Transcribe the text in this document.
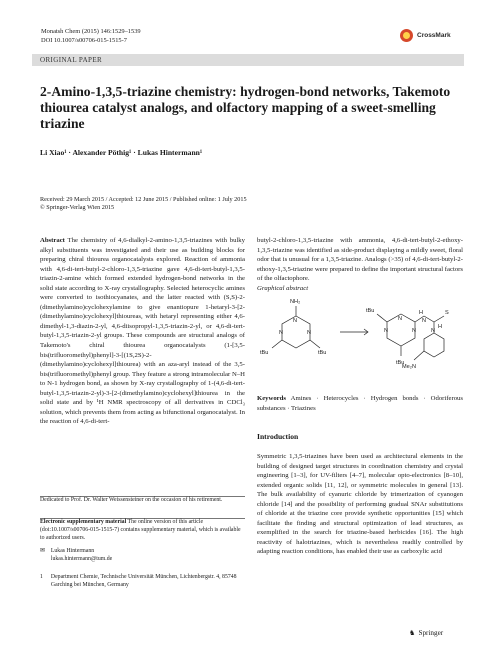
Monatsh Chem (2015) 146:1529–1539
DOI 10.1007/s00706-015-1515-7
CrossMark
ORIGINAL PAPER
2-Amino-1,3,5-triazine chemistry: hydrogen-bond networks, Takemoto thiourea catalyst analogs, and olfactory mapping of a sweet-smelling triazine
Li Xiao¹ · Alexander Pöthig¹ · Lukas Hintermann¹
Received: 29 March 2015 / Accepted: 12 June 2015 / Published online: 1 July 2015
© Springer-Verlag Wien 2015
Abstract The chemistry of 4,6-dialkyl-2-amino-1,3,5-triazines with bulky alkyl substituents was investigated and their use as building blocks for preparing chiral thiourea organocatalysts explored. Reaction of ammonia with 4,6-di-tert-butyl-2-chloro-1,3,5-triazine gave 4,6-di-tert-butyl-1,3,5-triazin-2-amine which formed extended hydrogen-bond networks in the solid state according to X-ray crystallography. Selected heterocyclic amines were converted to isothiocyanates, and the latter reacted with (S,S)-2-(dimethylamino)cyclohexylamine to give enantiopure 1-hetaryl-3-[2-(dimethylamino)cyclohexyl]thioureas, with hetaryl representing either 4,6-dimethyl-1,3-diazin-2-yl, 4,6-diisopropyl-1,3,5-triazin-2-yl, or 4,6-di-tert-butyl-1,3,5-triazin-2-yl groups. These compounds are structural analogs of Takemoto's chiral thiourea organocatalysts (1-[3,5-bis(trifluoromethyl)phenyl]-3-[(1S,2S)-2-(dimethylamino)cyclohexyl]thiourea) with an aza-aryl instead of the 3,5-bis(trifluoromethyl)phenyl group. They feature a strong intramolecular N–H to N-1 hydrogen bond, as shown by X-ray crystallography of 1-(4,6-di-tert-butyl-1,3,5-triazin-2-yl)-3-[2-(dimethylamino)cyclohexyl]thiourea in the solid state and by ¹H NMR spectroscopy of all derivatives in CDCl₃ solution, which prevents them from acting as bifunctional organocatalyst. In the reaction of 4,6-di-tert-
Dedicated to Prof. Dr. Walter Weissensteiner on the occasion of his retirement.
Electronic supplementary material The online version of this article (doi:10.1007/s00706-015-1515-7) contains supplementary material, which is available to authorized users.
✉ Lukas Hintermann
lukas.hintermann@tum.de
1 Department Chemie, Technische Universität München, Lichtenbergstr. 4, 85748 Garching bei München, Germany
butyl-2-chloro-1,3,5-triazine with ammonia, 4,6-di-tert-butyl-2-ethoxy-1,3,5-triazine was identified as side-product displaying a mildly sweet, floral odor that is unusual for a 1,3,5-triazine. Analogs (>35) of 4,6-di-tert-butyl-2-ethoxy-1,3,5-triazine were prepared to define the important structural factors of the olfactophore.
Graphical abstract
NH₂
N
N	N
tBu	tBu
tBu
N
N	N
H
N
S
N
H
tBu
Me₂N
Keywords Amines · Heterocycles · Hydrogen bonds · Odoriferous substances · Triazines
Introduction
Symmetric 1,3,5-triazines have been used as architectural elements in the building of designed target structures in coordination chemistry and crystal engineering [1–3], for UV-filters [4–7], molecular opto-electronics [8–10], extended organic solids [11, 12], or symmetric molecules in general [13]. The bulk availability of cyanuric chloride by trimerization of cyanogen chloride [14] and the possibility of performing gradual SNAr substitutions of chloride at the triazine core provide synthetic opportunities [15] which facilitate the finding and structural optimization of lead structures, as exemplified in the search for triazine-based herbicides [16]. The high reactivity of halotriazines, which is nevertheless readily controlled by adapting reaction conditions, has enabled their use as carboxylic acid
♞ Springer
